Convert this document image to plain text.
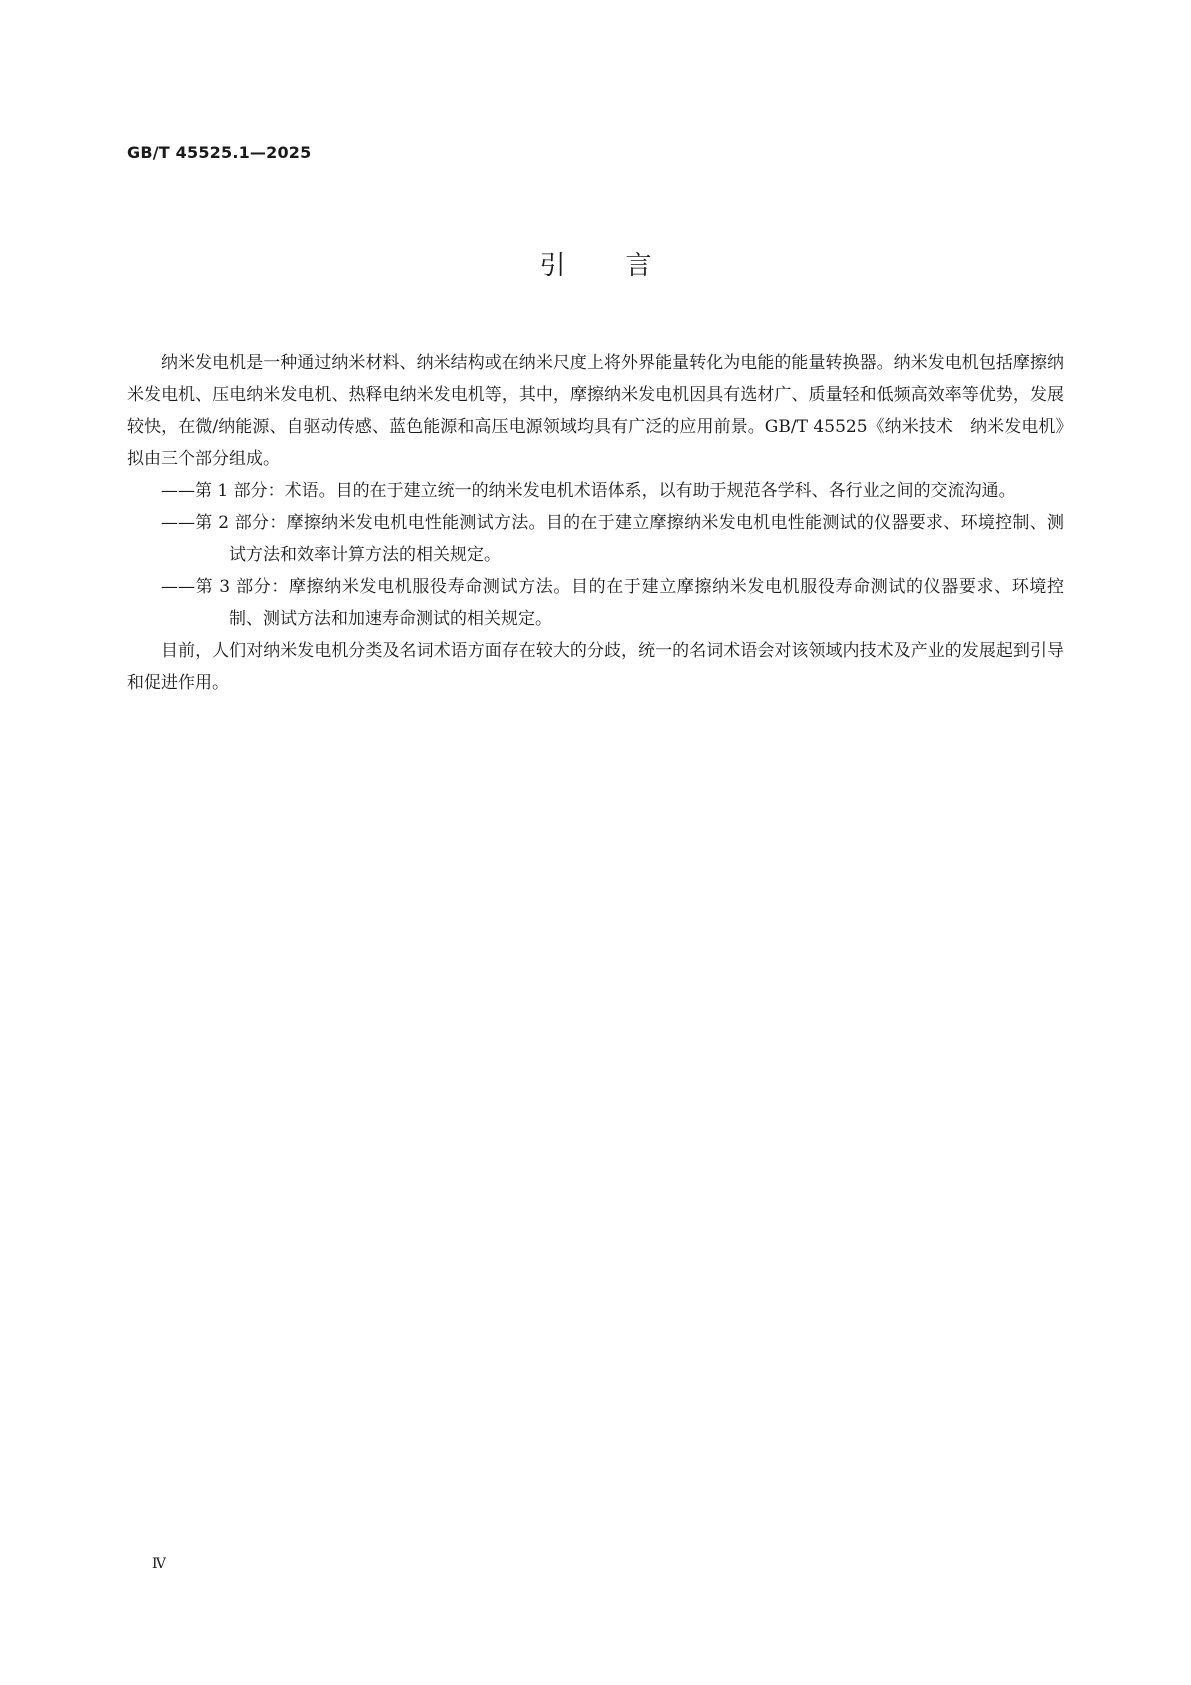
GB/T 45525.1—2025
引言

纳米发电机是一种通过纳米材料、纳米结构或在纳米尺度上将外界能量转化为电能的能量转换器。纳米发电机包括摩擦纳米发电机、压电纳米发电机、热释电纳米发电机等，其中，摩擦纳米发电机因具有选材广、质量轻和低频高效率等优势，发展较快，在微/纳能源、自驱动传感、蓝色能源和高压电源领域均具有广泛的应用前景。GB/T 45525《纳米技术　纳米发电机》拟由三个部分组成。

——第 1 部分：术语。目的在于建立统一的纳米发电机术语体系，以有助于规范各学科、各行业之间的交流沟通。

——第 2 部分：摩擦纳米发电机电性能测试方法。目的在于建立摩擦纳米发电机电性能测试的仪器要求、环境控制、测试方法和效率计算方法的相关规定。

——第 3 部分：摩擦纳米发电机服役寿命测试方法。目的在于建立摩擦纳米发电机服役寿命测试的仪器要求、环境控制、测试方法和加速寿命测试的相关规定。

目前，人们对纳米发电机分类及名词术语方面存在较大的分歧，统一的名词术语会对该领域内技术及产业的发展起到引导和促进作用。

Ⅳ
